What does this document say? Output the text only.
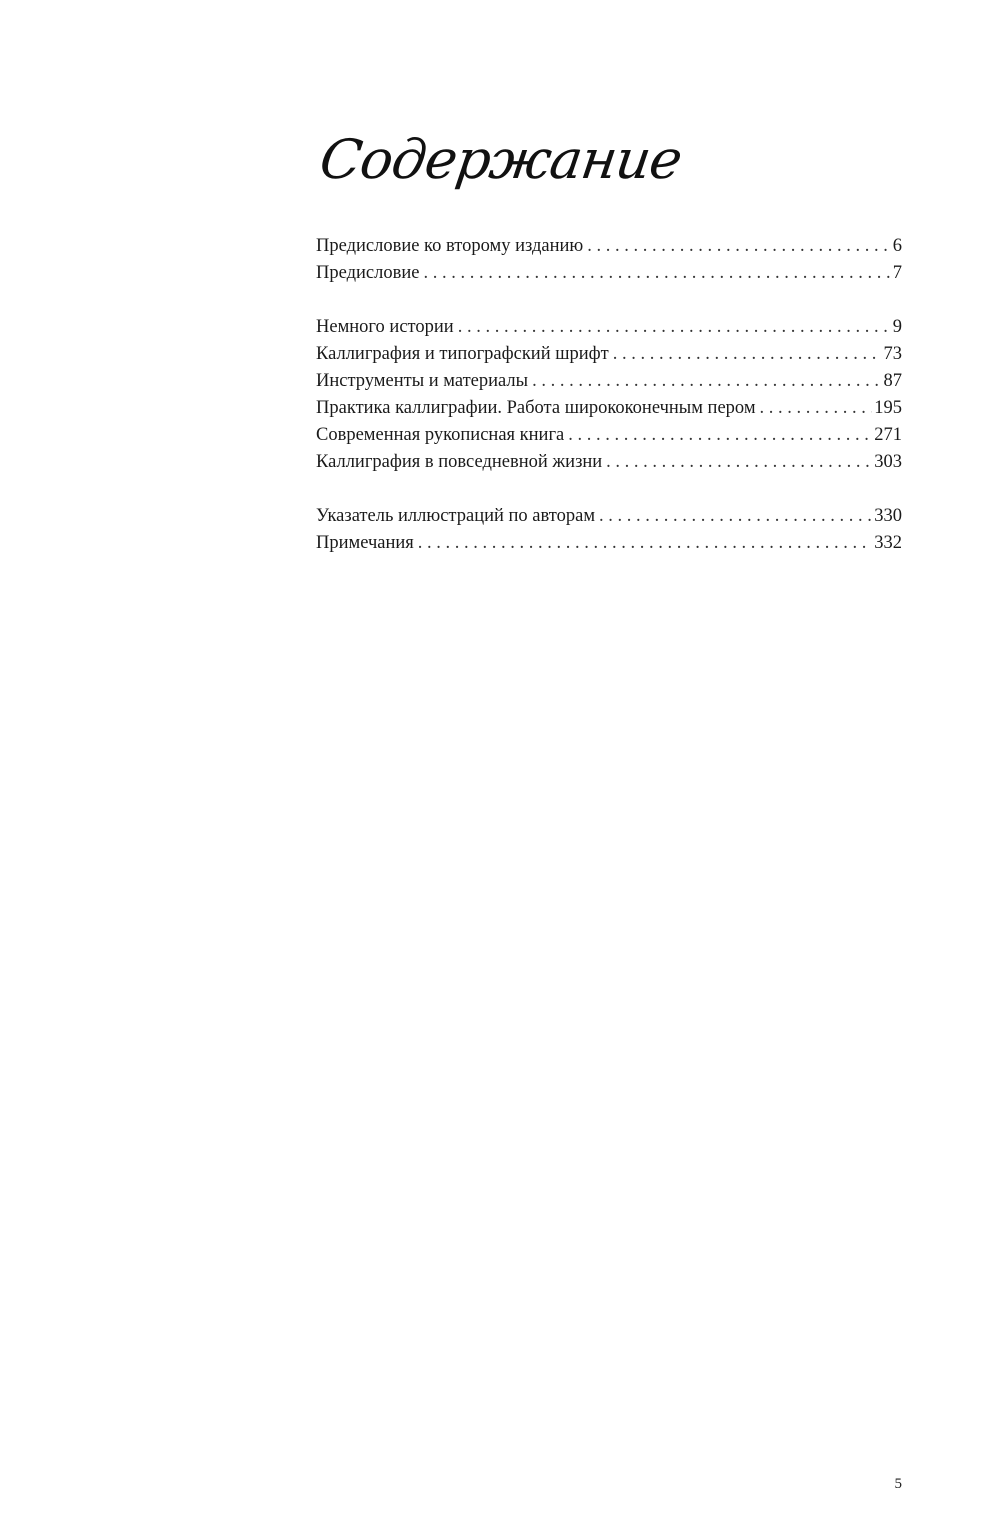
Содержание
Предисловие ко второму изданию . . .	6
Предисловие . . .	7
Немного истории . . .	9
Каллиграфия и типографский шрифт . . .	73
Инструменты и материалы . . .	87
Практика каллиграфии. Работа ширококонечным пером . . .	195
Современная рукописная книга . . .	271
Каллиграфия в повседневной жизни . . .	303
Указатель иллюстраций по авторам . . .	330
Примечания . . .	332
5
